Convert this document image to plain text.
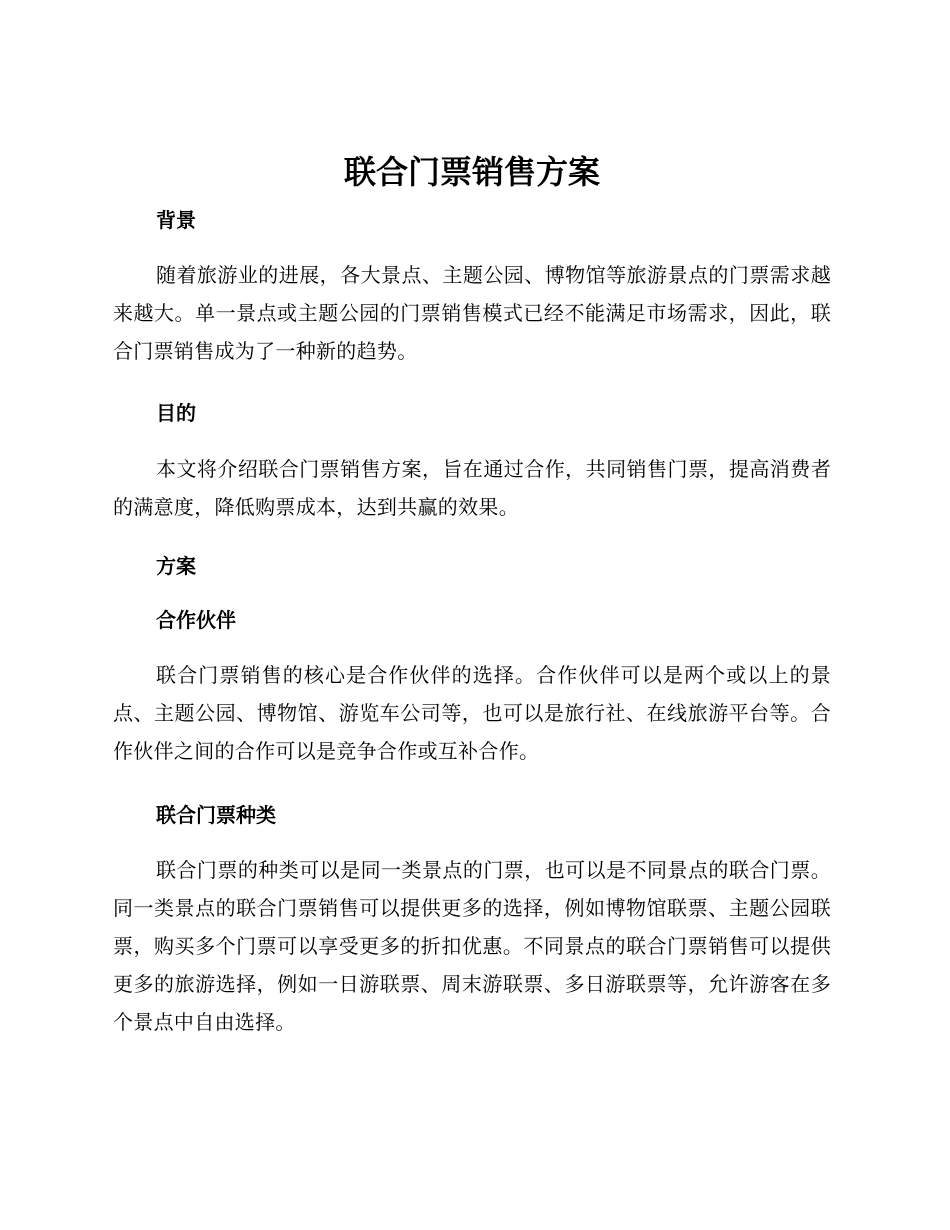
联合门票销售方案
背景

随着旅游业的进展，各大景点、主题公园、博物馆等旅游景点的门票需求越来越大。单一景点或主题公园的门票销售模式已经不能满足市场需求，因此，联合门票销售成为了一种新的趋势。

目的

本文将介绍联合门票销售方案，旨在通过合作，共同销售门票，提高消费者的满意度，降低购票成本，达到共赢的效果。

方案
合作伙伴

联合门票销售的核心是合作伙伴的选择。合作伙伴可以是两个或以上的景点、主题公园、博物馆、游览车公司等，也可以是旅行社、在线旅游平台等。合作伙伴之间的合作可以是竞争合作或互补合作。

联合门票种类

联合门票的种类可以是同一类景点的门票，也可以是不同景点的联合门票。同一类景点的联合门票销售可以提供更多的选择，例如博物馆联票、主题公园联票，购买多个门票可以享受更多的折扣优惠。不同景点的联合门票销售可以提供更多的旅游选择，例如一日游联票、周末游联票、多日游联票等，允许游客在多个景点中自由选择。
